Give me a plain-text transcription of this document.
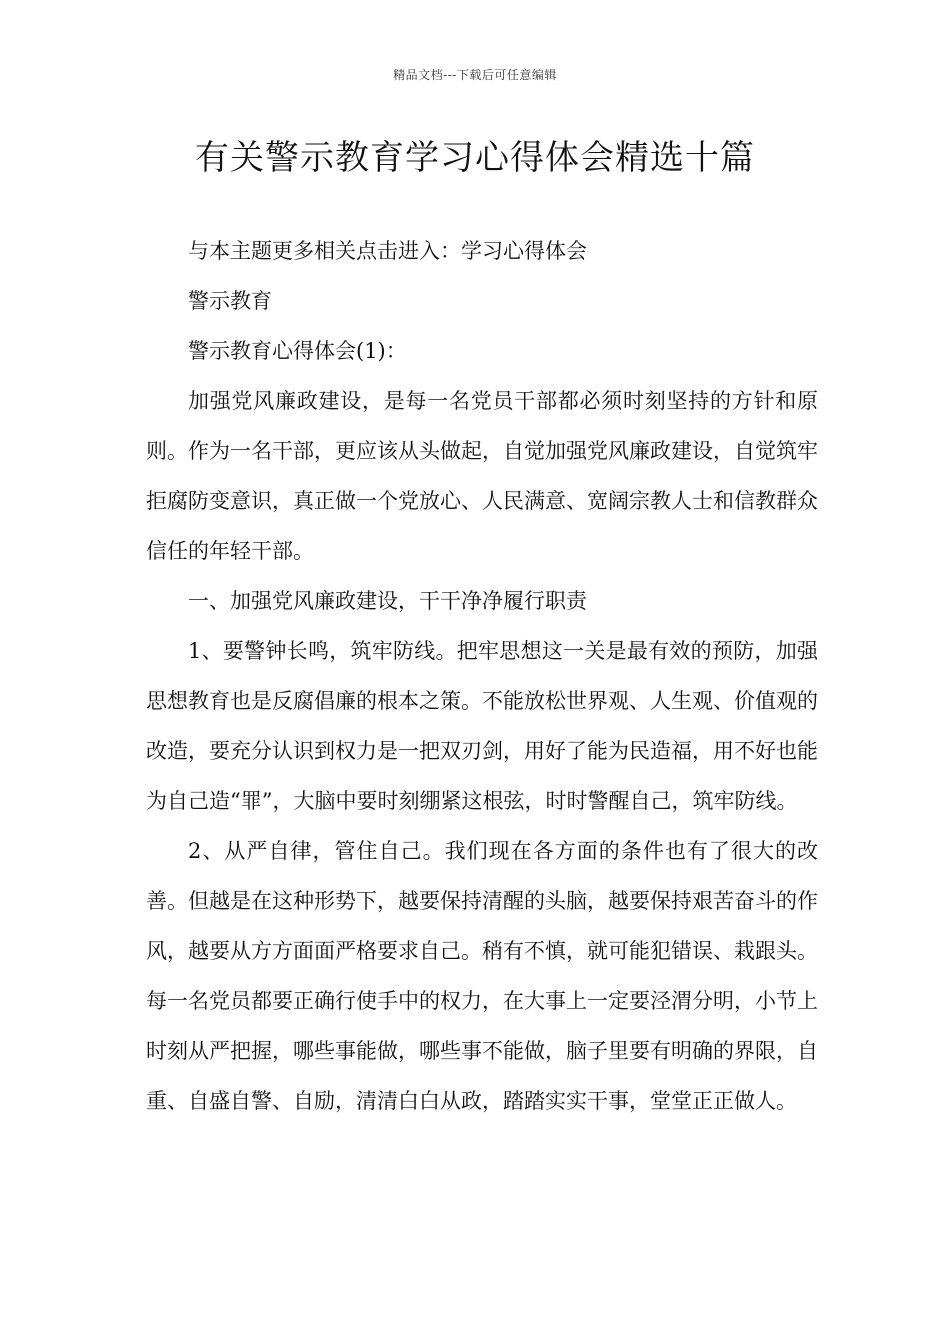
精品文档---下载后可任意编辑
有关警示教育学习心得体会精选十篇

与本主题更多相关点击进入：学习心得体会

警示教育

警示教育心得体会(1)：

加强党风廉政建设，是每一名党员干部都必须时刻坚持的方针和原则。作为一名干部，更应该从头做起，自觉加强党风廉政建设，自觉筑牢拒腐防变意识，真正做一个党放心、人民满意、宽阔宗教人士和信教群众信任的年轻干部。

一、加强党风廉政建设，干干净净履行职责

1、要警钟长鸣，筑牢防线。把牢思想这一关是最有效的预防，加强思想教育也是反腐倡廉的根本之策。不能放松世界观、人生观、价值观的改造，要充分认识到权力是一把双刃剑，用好了能为民造福，用不好也能为自己造“罪”，大脑中要时刻绷紧这根弦，时时警醒自己，筑牢防线。

2、从严自律，管住自己。我们现在各方面的条件也有了很大的改善。但越是在这种形势下，越要保持清醒的头脑，越要保持艰苦奋斗的作风，越要从方方面面严格要求自己。稍有不慎，就可能犯错误、栽跟头。每一名党员都要正确行使手中的权力，在大事上一定要泾渭分明，小节上时刻从严把握，哪些事能做，哪些事不能做，脑子里要有明确的界限，自重、自盛自警、自励，清清白白从政，踏踏实实干事，堂堂正正做人。
